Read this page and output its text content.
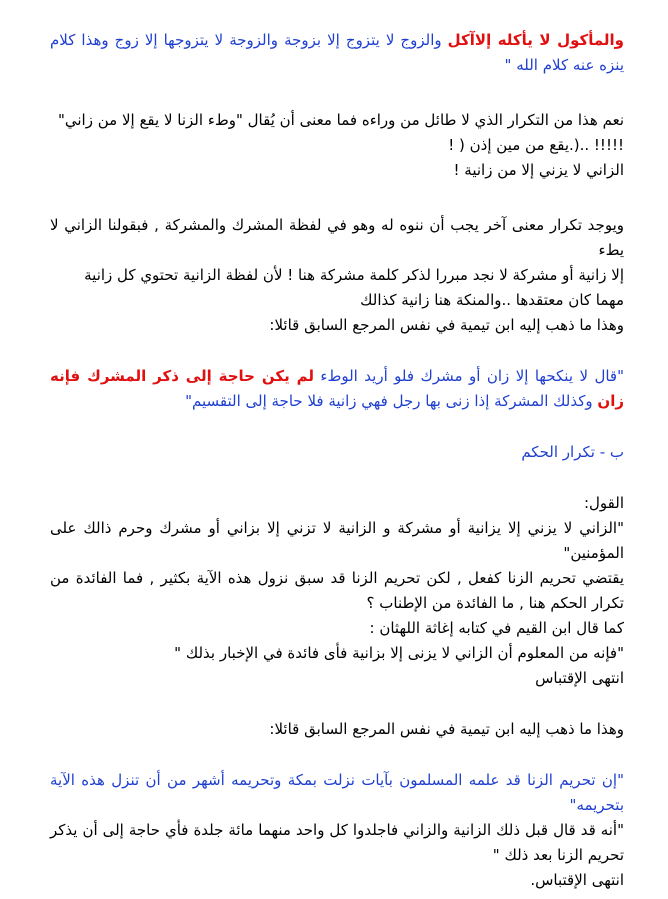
والمأكول لا يأكله إلاآكل والزوج لا يتزوج إلا بزوجة والزوجة لا يتزوجها إلا زوج وهذا كلام ينزه عنه كلام الله "

نعم هذا من التكرار الذي لا طائل من وراءه فما معنى أن يُقال "وطء الزنا لا يقع إلا من زاني"

!!!!! ..(.يقع من مين إذن ( !

الزاني لا يزني إلا من زانية !

ويوجد تكرار معنى آخر يجب أن ننوه له وهو في لفظة المشرك والمشركة , فبقولنا الزاني لا يطء

إلا زانية أو مشركة لا نجد مبررا لذكر كلمة مشركة هنا ! لأن لفظة الزانية تحتوي كل زانية

مهما كان معتقدها ..والمنكة هنا زانية كذالك

وهذا ما ذهب إليه ابن تيمية في نفس المرجع السابق قائلا:

"قال لا ينكحها إلا زان أو مشرك فلو أريد الوطء لم يكن حاجة إلى ذكر المشرك فإنه زان وكذلك المشركة إذا زنى بها رجل فهي زانية فلا حاجة إلى التقسيم"

ب - تكرار الحكم

القول:

"الزاني لا يزني إلا يزانية أو مشركة و الزانية لا تزني إلا بزاني أو مشرك وحرم ذالك على المؤمنين"

يقتضي تحريم الزنا كفعل , لكن تحريم الزنا قد سبق نزول هذه الآية بكثير , فما الفائدة من تكرار الحكم هنا , ما الفائدة من الإطناب ؟

كما قال ابن القيم في كتابه إغاثة اللهثان :

"فإنه من المعلوم أن الزاني لا يزنى إلا بزانية فأى فائدة في الإخبار بذلك "

انتهى الإقتباس

وهذا ما ذهب إليه ابن تيمية في نفس المرجع السابق قائلا:

"إن تحريم الزنا قد علمه المسلمون بآيات نزلت بمكة وتحريمه أشهر من أن تنزل هذه الآية بتحريمه"

"أنه قد قال قبل ذلك الزانية والزاني فاجلدوا كل واحد منهما مائة جلدة فأي حاجة إلى أن يذكر تحريم الزنا بعد ذلك "

انتهى الإقتباس.
